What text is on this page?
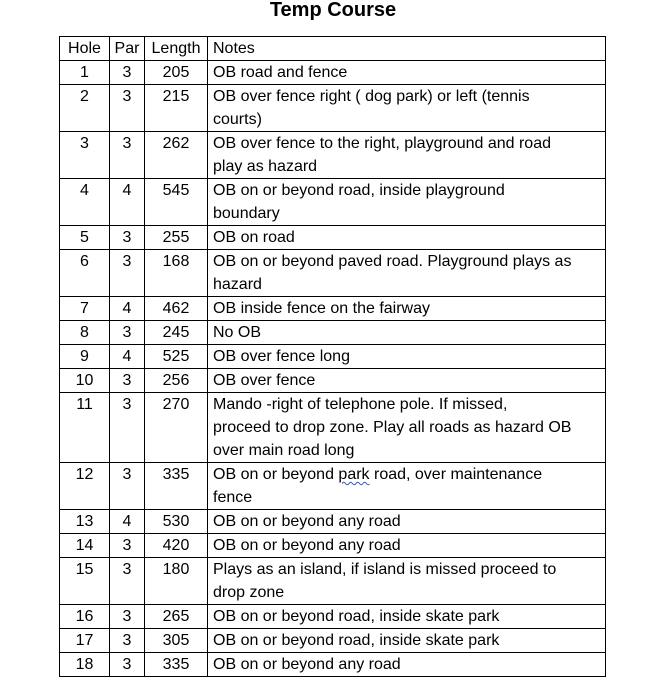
Temp Course
Hole	Par	Length	Notes
1	3	205	OB road and fence

2	3	215	OB over fence right ( dog park) or left (tennis
courts)

3	3	262	OB over fence to the right, playground and road
play as hazard

4	4	545	OB on or beyond road, inside playground
boundary

5	3	255	OB on road

6	3	168	OB on or beyond paved road. Playground plays as
hazard

7	4	462	OB inside fence on the fairway

8	3	245	No OB

9	4	525	OB over fence long

10	3	256	OB over fence

11	3	270	Mando -right of telephone pole. If missed,
proceed to drop zone. Play all roads as hazard OB
over main road long

12	3	335	OB on or beyond park road, over maintenance
fence

13	4	530	OB on or beyond any road

14	3	420	OB on or beyond any road

15	3	180	Plays as an island, if island is missed proceed to
drop zone

16	3	265	OB on or beyond road, inside skate park

17	3	305	OB on or beyond road, inside skate park

18	3	335	OB on or beyond any road
